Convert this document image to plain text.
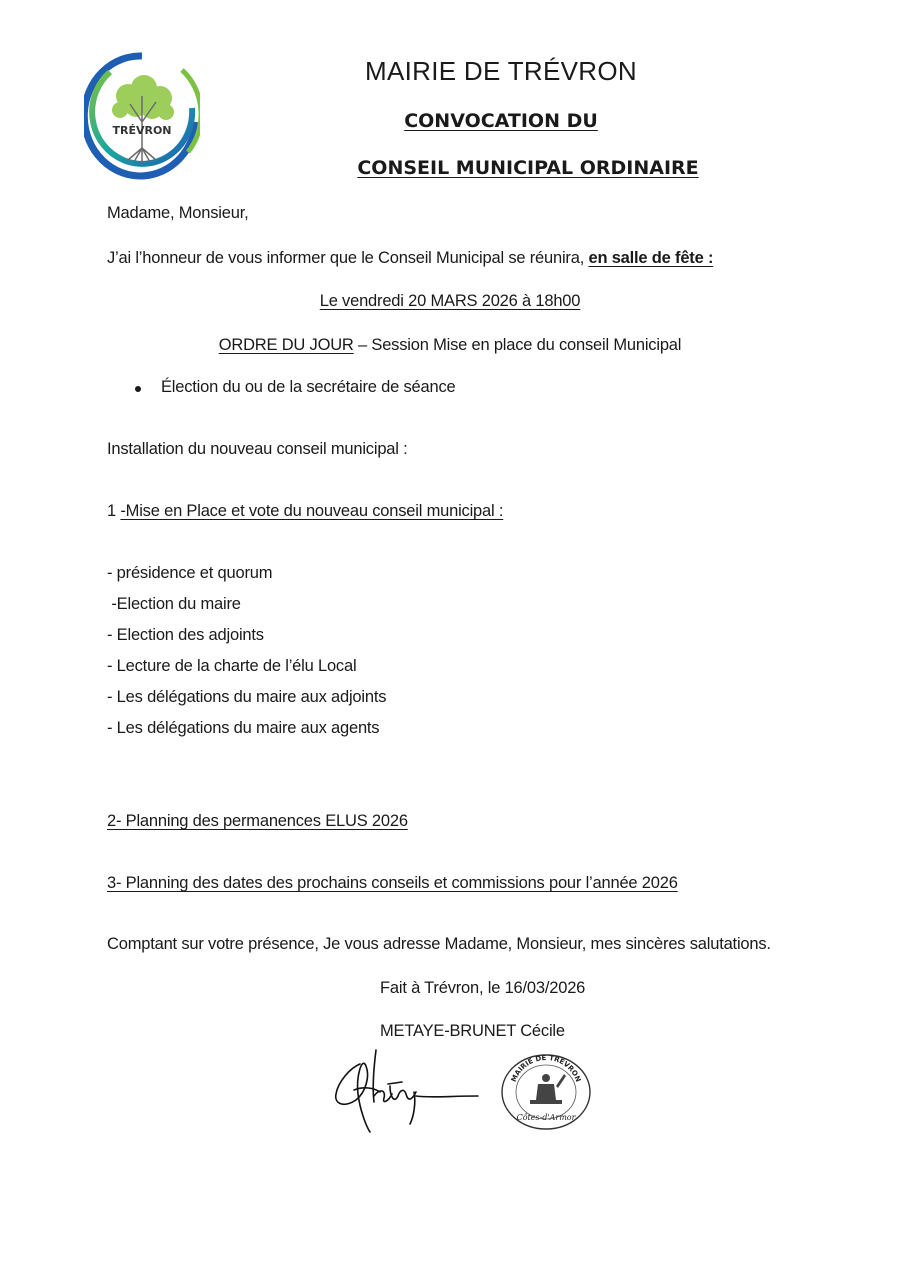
TRÉVRON
MAIRIE DE TRÉVRON
CONVOCATION DU
CONSEIL MUNICIPAL ORDINAIRE
Madame, Monsieur,
J’ai l’honneur de vous informer que le Conseil Municipal se réunira, en salle de fête :
Le vendredi 20 MARS 2026 à 18h00
ORDRE DU JOUR – Session Mise en place du conseil Municipal
Élection du ou de la secrétaire de séance
Installation du nouveau conseil municipal :
1 -Mise en Place et vote du nouveau conseil municipal :
- présidence et quorum
-Election du maire
- Election des adjoints
- Lecture de la charte de l’élu Local
- Les délégations du maire aux adjoints
- Les délégations du maire aux agents
2- Planning des permanences ELUS 2026
3- Planning des dates des prochains conseils et commissions pour l’année 2026
Comptant sur votre présence, Je vous adresse Madame, Monsieur, mes sincères salutations.
Fait à Trévron, le 16/03/2026
METAYE-BRUNET Cécile
MAIRIE DE TRÉVRON
Côtes-d'Armor
